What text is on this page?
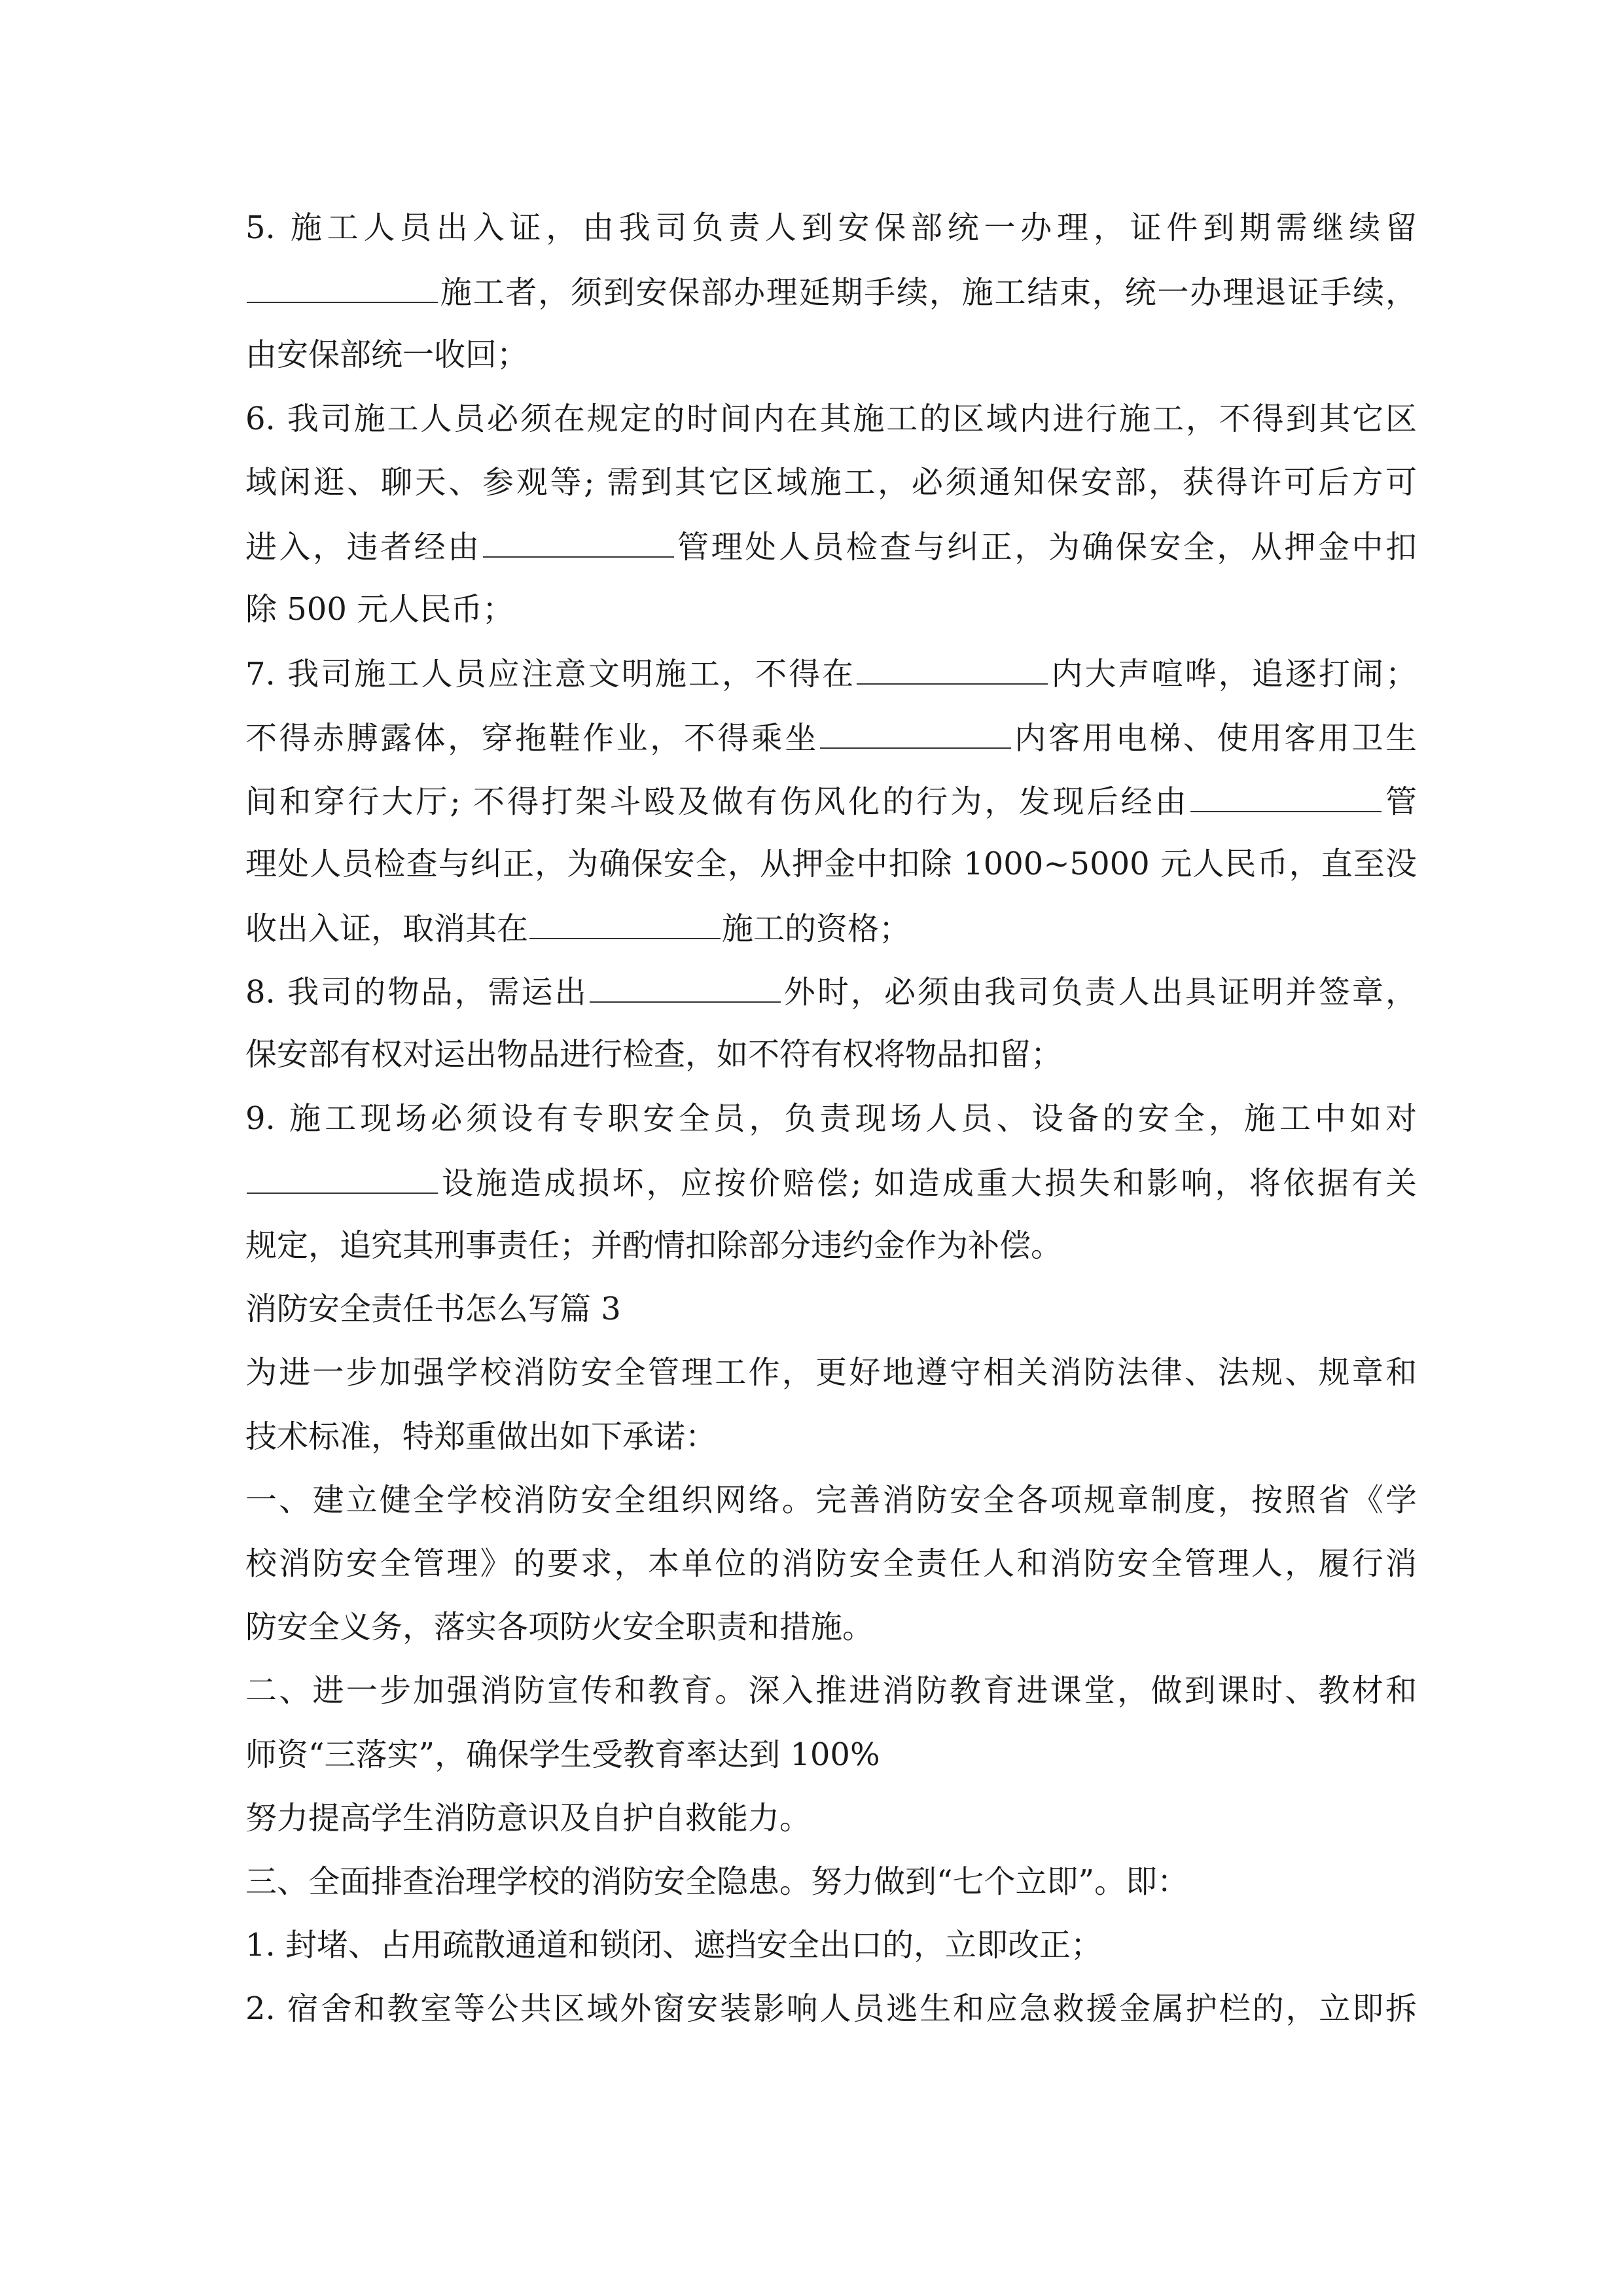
5. 施工人员出入证，由我司负责人到安保部统一办理，证件到期需继续留
施工者，须到安保部办理延期手续，施工结束，统一办理退证手续，
由安保部统一收回；
6. 我司施工人员必须在规定的时间内在其施工的区域内进行施工，不得到其它区
域闲逛、聊天、参观等; 需到其它区域施工，必须通知保安部，获得许可后方可
进入，违者经由	管理处人员检查与纠正，为确保安全，从押金中扣
除 500 元人民币；
7. 我司施工人员应注意文明施工，不得在	内大声喧哗，追逐打闹；
不得赤膊露体，穿拖鞋作业，不得乘坐	内客用电梯、使用客用卫生
间和穿行大厅; 不得打架斗殴及做有伤风化的行为，发现后经由	管
理处人员检查与纠正，为确保安全，从押金中扣除 1000~5000 元人民币，直至没
收出入证，取消其在	施工的资格；
8. 我司的物品，需运出	外时，必须由我司负责人出具证明并签章，
保安部有权对运出物品进行检查，如不符有权将物品扣留；
9. 施工现场必须设有专职安全员，负责现场人员、设备的安全，施工中如对
设施造成损坏，应按价赔偿; 如造成重大损失和影响，将依据有关
规定，追究其刑事责任；并酌情扣除部分违约金作为补偿。
消防安全责任书怎么写篇 3
为进一步加强学校消防安全管理工作，更好地遵守相关消防法律、法规、规章和
技术标准，特郑重做出如下承诺：
一、建立健全学校消防安全组织网络。完善消防安全各项规章制度，按照省《学
校消防安全管理》的要求，本单位的消防安全责任人和消防安全管理人，履行消
防安全义务，落实各项防火安全职责和措施。
二、进一步加强消防宣传和教育。深入推进消防教育进课堂，做到课时、教材和
师资“三落实”，确保学生受教育率达到 100%
努力提高学生消防意识及自护自救能力。
三、全面排查治理学校的消防安全隐患。努力做到“七个立即”。即：
1. 封堵、占用疏散通道和锁闭、遮挡安全出口的，立即改正；
2. 宿舍和教室等公共区域外窗安装影响人员逃生和应急救援金属护栏的，立即拆
